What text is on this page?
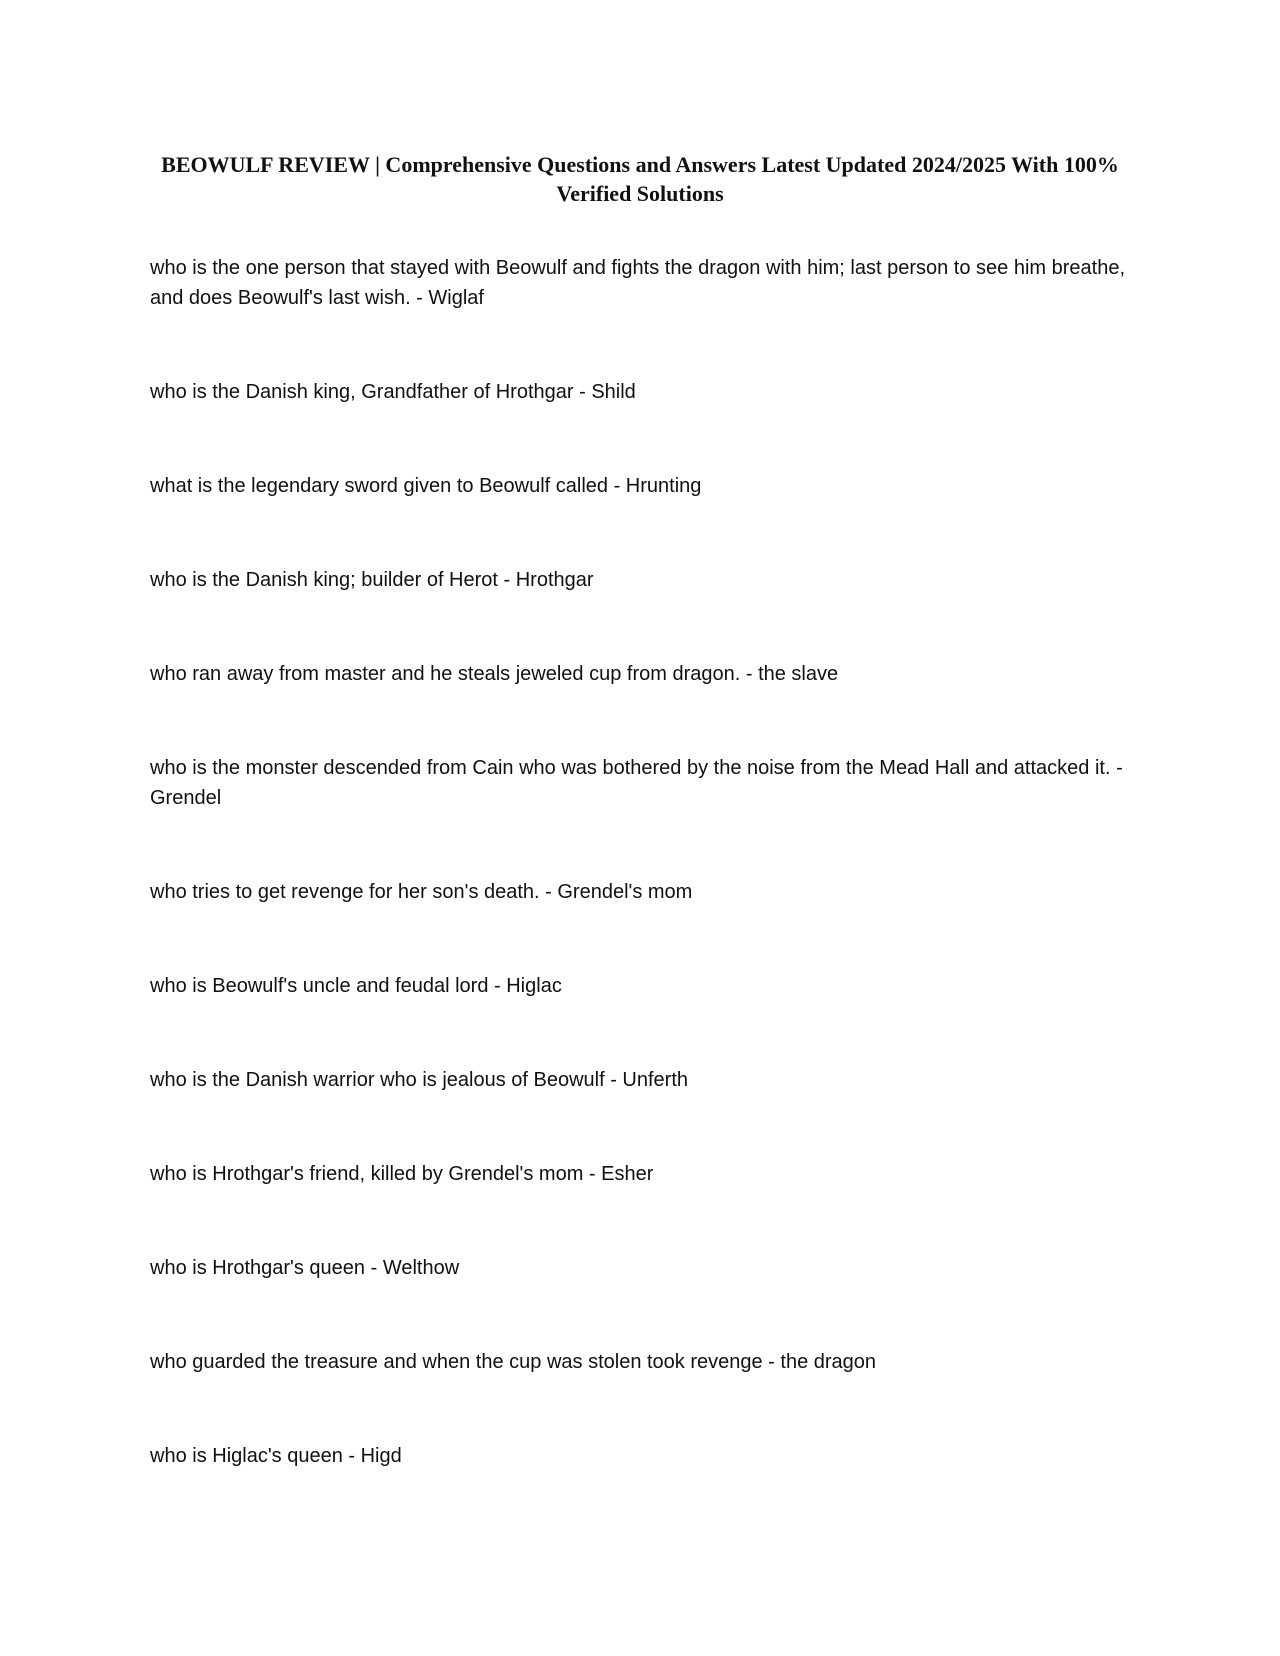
BEOWULF REVIEW | Comprehensive Questions and Answers Latest Updated 2024/2025 With 100% Verified Solutions
who is the one person that stayed with Beowulf and fights the dragon with him; last person to see him breathe, and does Beowulf's last wish. - Wiglaf
who is the Danish king, Grandfather of Hrothgar - Shild
what is the legendary sword given to Beowulf called - Hrunting
who is the Danish king; builder of Herot - Hrothgar
who ran away from master and he steals jeweled cup from dragon. - the slave
who is the monster descended from Cain who was bothered by the noise from the Mead Hall and attacked it. - Grendel
who tries to get revenge for her son's death. - Grendel's mom
who is Beowulf's uncle and feudal lord - Higlac
who is the Danish warrior who is jealous of Beowulf - Unferth
who is Hrothgar's friend, killed by Grendel's mom - Esher
who is Hrothgar's queen - Welthow
who guarded the treasure and when the cup was stolen took revenge - the dragon
who is Higlac's queen - Higd
